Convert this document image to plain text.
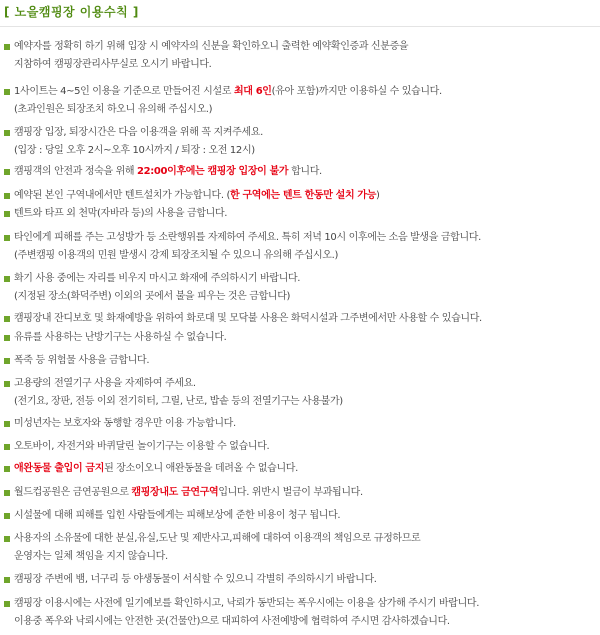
[ 노을캠핑장 이용수칙 ]
예약자를 정확히 하기 위해 입장 시 예약자의 신분을 확인하오니 출력한 예약확인증과 신분증을
지참하여 캠핑장관리사무실로 오시기 바랍니다.
1사이트는 4~5인 이용을 기준으로 만들어진 시설로 최대 6인(유아 포함)까지만 이용하실 수 있습니다.
(초과인원은 퇴장조치 하오니 유의해 주십시오.)
캠핑장 입장, 퇴장시간은 다음 이용객을 위해 꼭 지켜주세요.
(입장 : 당일 오후 2시~오후 10시까지 / 퇴장 : 오전 12시)
캠핑객의 안전과 정숙을 위해 22:00이후에는 캠핑장 입장이 불가 합니다.
예약된 본인 구역내에서만 텐트설치가 가능합니다. (한 구역에는 텐트 한동만 설치 가능)
텐트와 타프 외 천막(자바라 등)의 사용을 금합니다.
타인에게 피해를 주는 고성방가 등 소란행위를 자제하여 주세요. 특히 저녁 10시 이후에는 소음 발생을 금합니다.
(주변캠핑 이용객의 민원 발생시 강제 퇴장조치될 수 있으니 유의해 주십시오.)
화기 사용 중에는 자리를 비우지 마시고 화재에 주의하시기 바랍니다.
(지정된 장소(화덕주변) 이외의 곳에서 불을 피우는 것은 금합니다)
캠핑장내 잔디보호 및 화재예방을 위하여 화로대 및 모닥불 사용은 화덕시설과 그주변에서만 사용할 수 있습니다.
유류를 사용하는 난방기구는 사용하실 수 없습니다.
폭죽 등 위험물 사용을 금합니다.
고용량의 전열기구 사용을 자제하여 주세요.
(전기요, 장판, 전등 이외 전기히터, 그릴, 난로, 밥솥 등의 전열기구는 사용불가)
미성년자는 보호자와 동행할 경우만 이용 가능합니다.
오토바이, 자전거와 바퀴달린 놀이기구는 이용할 수 없습니다.
애완동물 출입이 금지된 장소이오니 애완동물을 데려올 수 없습니다.
월드컵공원은 금연공원으로 캠핑장내도 금연구역입니다. 위반시 벌금이 부과됩니다.
시설물에 대해 피해를 입힌 사람들에게는 피해보상에 준한 비용이 청구 됩니다.
사용자의 소유물에 대한 분실,유실,도난 및 제반사고,피해에 대하여 이용객의 책임으로 규정하므로
운영자는 일체 책임을 지지 않습니다.
캠핑장 주변에 뱀, 너구리 등 야생동물이 서식할 수 있으니 각별히 주의하시기 바랍니다.
캠핑장 이용시에는 사전에 일기예보를 확인하시고, 낙뢰가 동반되는 폭우시에는 이용을 삼가해 주시기 바랍니다.
이용중 폭우와 낙뢰시에는 안전한 곳(건물안)으로 대피하여 사전예방에 협력하여 주시면 감사하겠습니다.
